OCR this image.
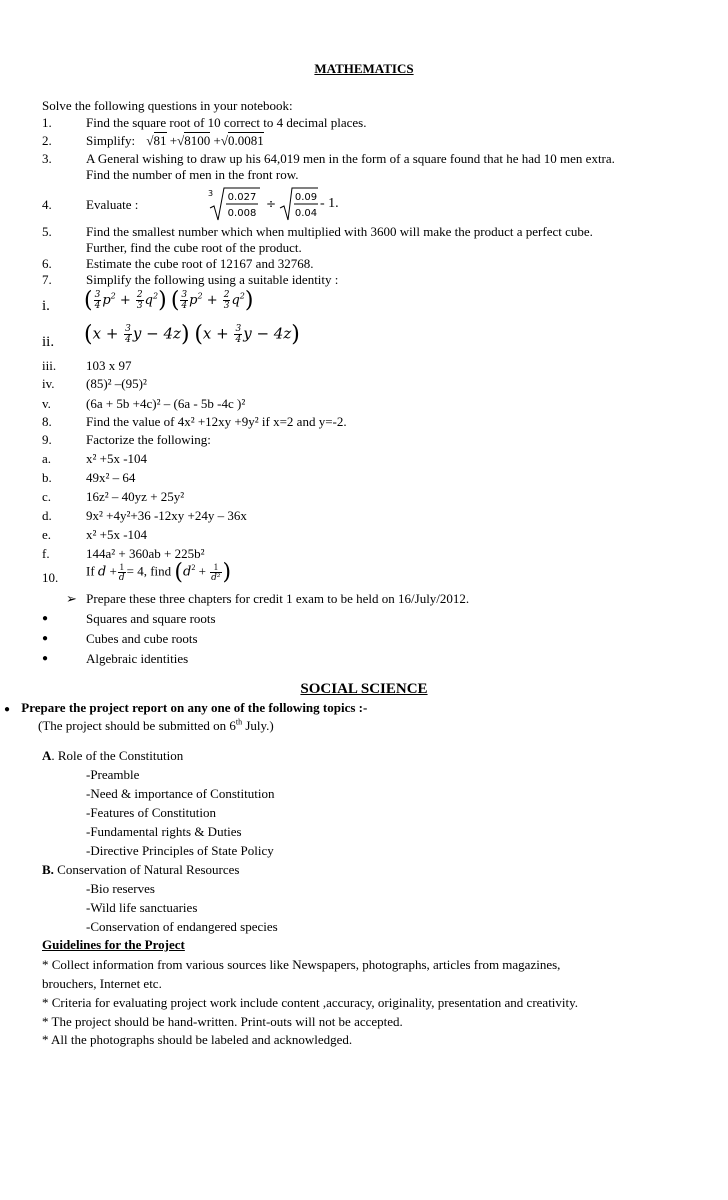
MATHEMATICS
Solve the following questions in your notebook:
1.	Find the square root of 10 correct to 4 decimal places.
2.	Simplify: √81 +√8100 +√0.0081
3.	A General wishing to draw up his 64,019 men in the form of a square found that he had 10 men extra.
Find the number of men in the front row.
4.	Evaluate :
3 0.027
0.008
÷ 0.09
0.04
- 1.
5.	Find the smallest number which when multiplied with 3600 will make the product a perfect cube.
Further, find the cube root of the product.
6.	Estimate the cube root of 12167 and 32768.
7.	Simplify the following using a suitable identity :
i.	( $\frac{3}{4} p^2 + \frac{2}{3} q^2$) ( $\frac{3}{4} p^2 + \frac{2}{3} q^2$)
ii.	($x + \frac{3}{4}$ y − 4z) ($x + \frac{3}{4}$ y − 4z)
iii.	103 x 97
iv.	(85)² –(95)²
v.	(6a + 5b +4c)² – (6a - 5b -4c )²
8.	Find the value of 4x² +12xy +9y² if x=2 and y=-2.
9.	Factorize the following:
a.	x² +5x -104
b.	49x² – 64
c.	16z² – 40yz + 25y²
d.	9x² +4y²+36 -12xy +24y – 36x
e.	x² +5x -104
f.	144a² + 360ab + 225b²
10.	If $d + \frac{1}{d} = 4$, find ($d^2 + \frac{1}{\text{d²}}$ )
➢ Prepare these three chapters for credit 1 exam to be held on 16/July/2012.
●	Squares and square roots
●	Cubes and cube roots
●	Algebraic identities
SOCIAL SCIENCE
● Prepare the project report on any one of the following topics :-
(The project should be submitted on 6th July.)
A. Role of the Constitution
-Preamble
-Need & importance of Constitution
-Features of Constitution
-Fundamental rights & Duties
-Directive Principles of State Policy
B. Conservation of Natural Resources
-Bio reserves
-Wild life sanctuaries
-Conservation of endangered species
Guidelines for the Project
* Collect information from various sources like Newspapers, photographs, articles from magazines,
brouchers, Internet etc.
* Criteria for evaluating project work include content ,accuracy, originality, presentation and creativity.
* The project should be hand-written. Print-outs will not be accepted.
* All the photographs should be labeled and acknowledged.
